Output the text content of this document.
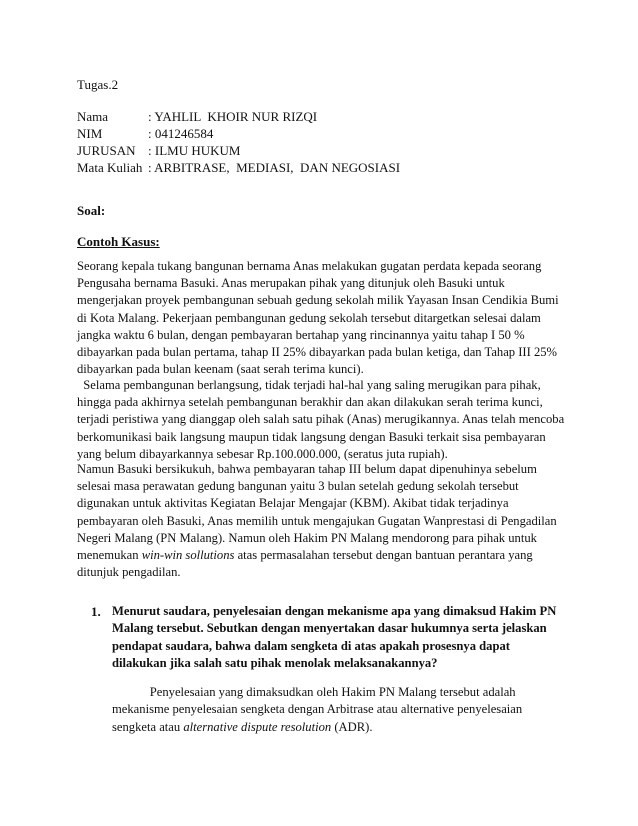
Tugas.2
Nama	: YAHLIL  KHOIR NUR RIZQI
NIM	: 041246584
JURUSAN : ILMU HUKUM
Mata Kuliah : ARBITRASE,  MEDIASI,  DAN NEGOSIASI
Soal:
Contoh Kasus:
Seorang kepala tukang bangunan bernama Anas melakukan gugatan perdata kepada seorang
Pengusaha bernama Basuki. Anas merupakan pihak yang ditunjuk oleh Basuki untuk
mengerjakan proyek pembangunan sebuah gedung sekolah milik Yayasan Insan Cendikia Bumi
di Kota Malang. Pekerjaan pembangunan gedung sekolah tersebut ditargetkan selesai dalam
jangka waktu 6 bulan, dengan pembayaran bertahap yang rincinannya yaitu tahap I 50 %
dibayarkan pada bulan pertama, tahap II 25% dibayarkan pada bulan ketiga, dan Tahap III 25%
dibayarkan pada bulan keenam (saat serah terima kunci).
Selama pembangunan berlangsung, tidak terjadi hal-hal yang saling merugikan para pihak,
hingga pada akhirnya setelah pembangunan berakhir dan akan dilakukan serah terima kunci,
terjadi peristiwa yang dianggap oleh salah satu pihak (Anas) merugikannya. Anas telah mencoba
berkomunikasi baik langsung maupun tidak langsung dengan Basuki terkait sisa pembayaran
yang belum dibayarkannya sebesar Rp.100.000.000, (seratus juta rupiah).
Namun Basuki bersikukuh, bahwa pembayaran tahap III belum dapat dipenuhinya sebelum
selesai masa perawatan gedung bangunan yaitu 3 bulan setelah gedung sekolah tersebut
digunakan untuk aktivitas Kegiatan Belajar Mengajar (KBM). Akibat tidak terjadinya
pembayaran oleh Basuki, Anas memilih untuk mengajukan Gugatan Wanprestasi di Pengadilan
Negeri Malang (PN Malang). Namun oleh Hakim PN Malang mendorong para pihak untuk
menemukan win-win sollutions atas permasalahan tersebut dengan bantuan perantara yang
ditunjuk pengadilan.
1. Menurut saudara, penyelesaian dengan mekanisme apa yang dimaksud Hakim PN
Malang tersebut. Sebutkan dengan menyertakan dasar hukumnya serta jelaskan
pendapat saudara, bahwa dalam sengketa di atas apakah prosesnya dapat
dilakukan jika salah satu pihak menolak melaksanakannya?
Penyelesaian yang dimaksudkan oleh Hakim PN Malang tersebut adalah
mekanisme penyelesaian sengketa dengan Arbitrase atau alternative penyelesaian
sengketa atau alternative dispute resolution (ADR).
